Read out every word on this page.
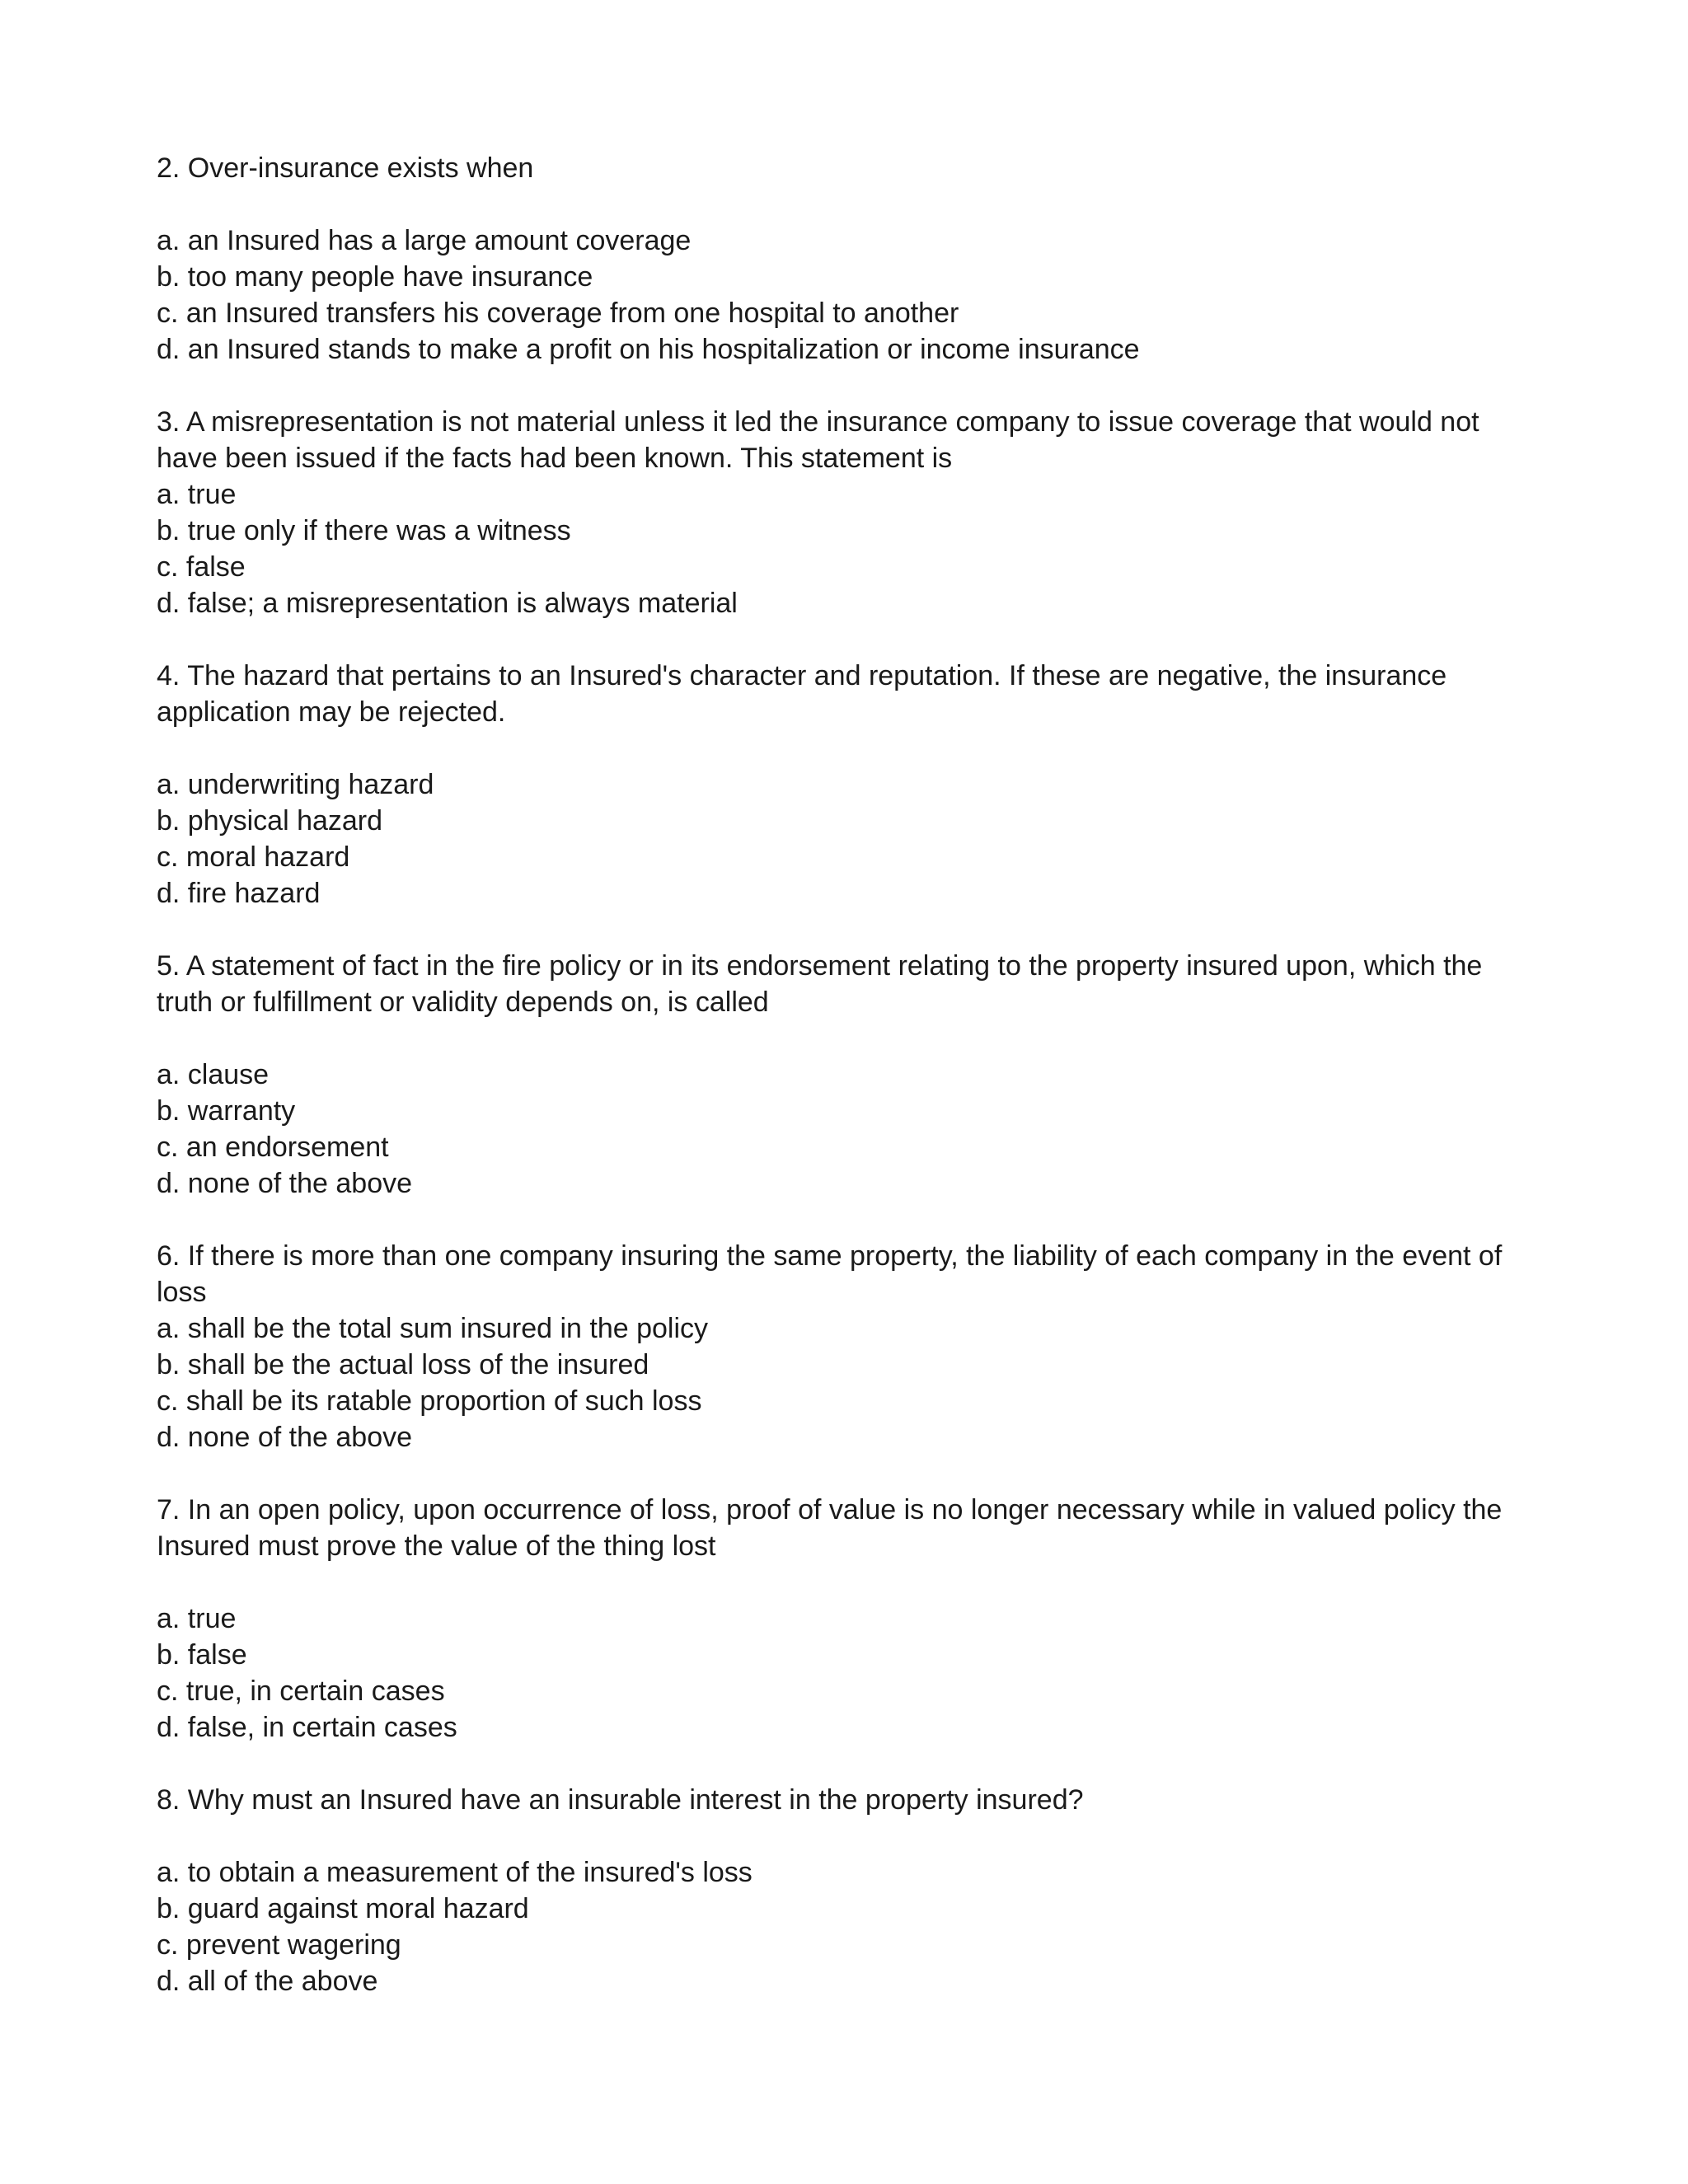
2. Over-insurance exists when

a. an Insured has a large amount coverage
b. too many people have insurance
c. an Insured transfers his coverage from one hospital to another
d. an Insured stands to make a profit on his hospitalization or income insurance

3. A misrepresentation is not material unless it led the insurance company to issue coverage that would not have been issued if the facts had been known. This statement is

a. true
b. true only if there was a witness
c. false
d. false; a misrepresentation is always material

4. The hazard that pertains to an Insured's character and reputation. If these are negative, the insurance application may be rejected.

a. underwriting hazard
b. physical hazard
c. moral hazard
d. fire hazard

5. A statement of fact in the fire policy or in its endorsement relating to the property insured upon, which the truth or fulfillment or validity depends on, is called

a. clause
b. warranty
c. an endorsement
d. none of the above

6. If there is more than one company insuring the same property, the liability of each company in the event of loss

a. shall be the total sum insured in the policy
b. shall be the actual loss of the insured
c. shall be its ratable proportion of such loss
d. none of the above

7. In an open policy, upon occurrence of loss, proof of value is no longer necessary while in valued policy the Insured must prove the value of the thing lost

a. true
b. false
c. true, in certain cases
d. false, in certain cases

8. Why must an Insured have an insurable interest in the property insured?

a. to obtain a measurement of the insured's loss
b. guard against moral hazard
c. prevent wagering
d. all of the above
